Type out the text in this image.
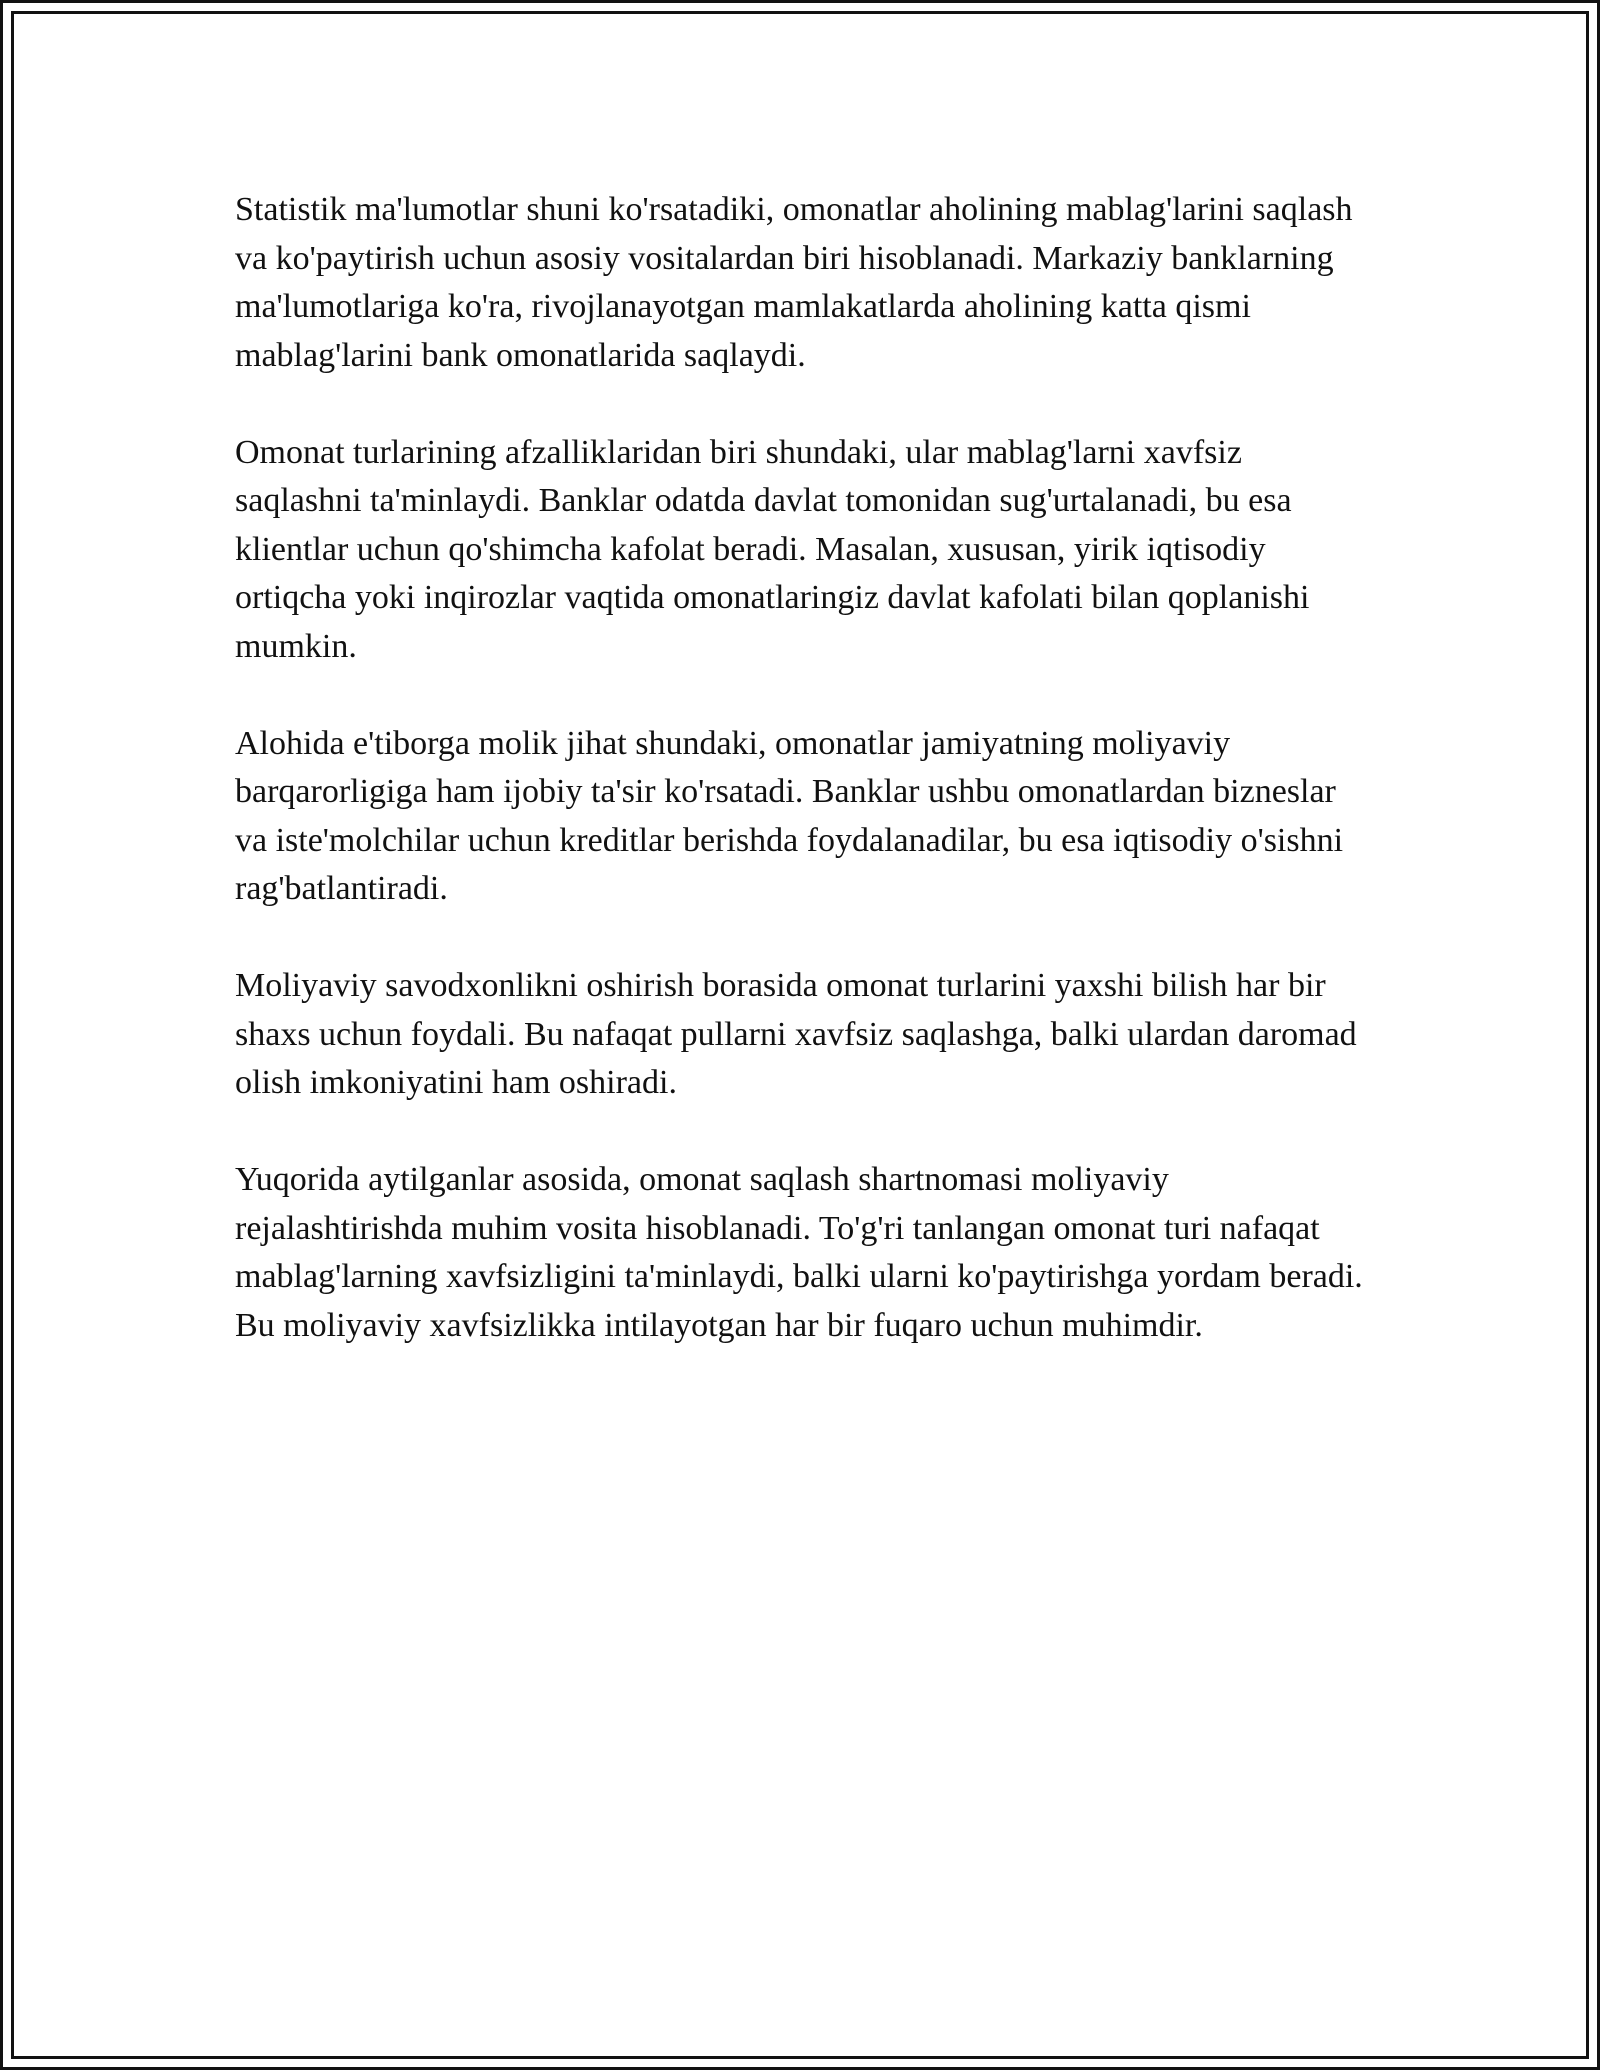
Statistik ma'lumotlar shuni ko'rsatadiki, omonatlar aholining mablag'larini saqlash va ko'paytirish uchun asosiy vositalardan biri hisoblanadi. Markaziy banklarning ma'lumotlariga ko'ra, rivojlanayotgan mamlakatlarda aholining katta qismi mablag'larini bank omonatlarida saqlaydi.

Omonat turlarining afzalliklaridan biri shundaki, ular mablag'larni xavfsiz saqlashni ta'minlaydi. Banklar odatda davlat tomonidan sug'urtalanadi, bu esa klientlar uchun qo'shimcha kafolat beradi. Masalan, xususan, yirik iqtisodiy ortiqcha yoki inqirozlar vaqtida omonatlaringiz davlat kafolati bilan qoplanishi mumkin.

Alohida e'tiborga molik jihat shundaki, omonatlar jamiyatning moliyaviy barqarorligiga ham ijobiy ta'sir ko'rsatadi. Banklar ushbu omonatlardan bizneslar va iste'molchilar uchun kreditlar berishda foydalanadilar, bu esa iqtisodiy o'sishni rag'batlantiradi.

Moliyaviy savodxonlikni oshirish borasida omonat turlarini yaxshi bilish har bir shaxs uchun foydali. Bu nafaqat pullarni xavfsiz saqlashga, balki ulardan daromad olish imkoniyatini ham oshiradi.

Yuqorida aytilganlar asosida, omonat saqlash shartnomasi moliyaviy rejalashtirishda muhim vosita hisoblanadi. To'g'ri tanlangan omonat turi nafaqat mablag'larning xavfsizligini ta'minlaydi, balki ularni ko'paytirishga yordam beradi. Bu moliyaviy xavfsizlikka intilayotgan har bir fuqaro uchun muhimdir.
